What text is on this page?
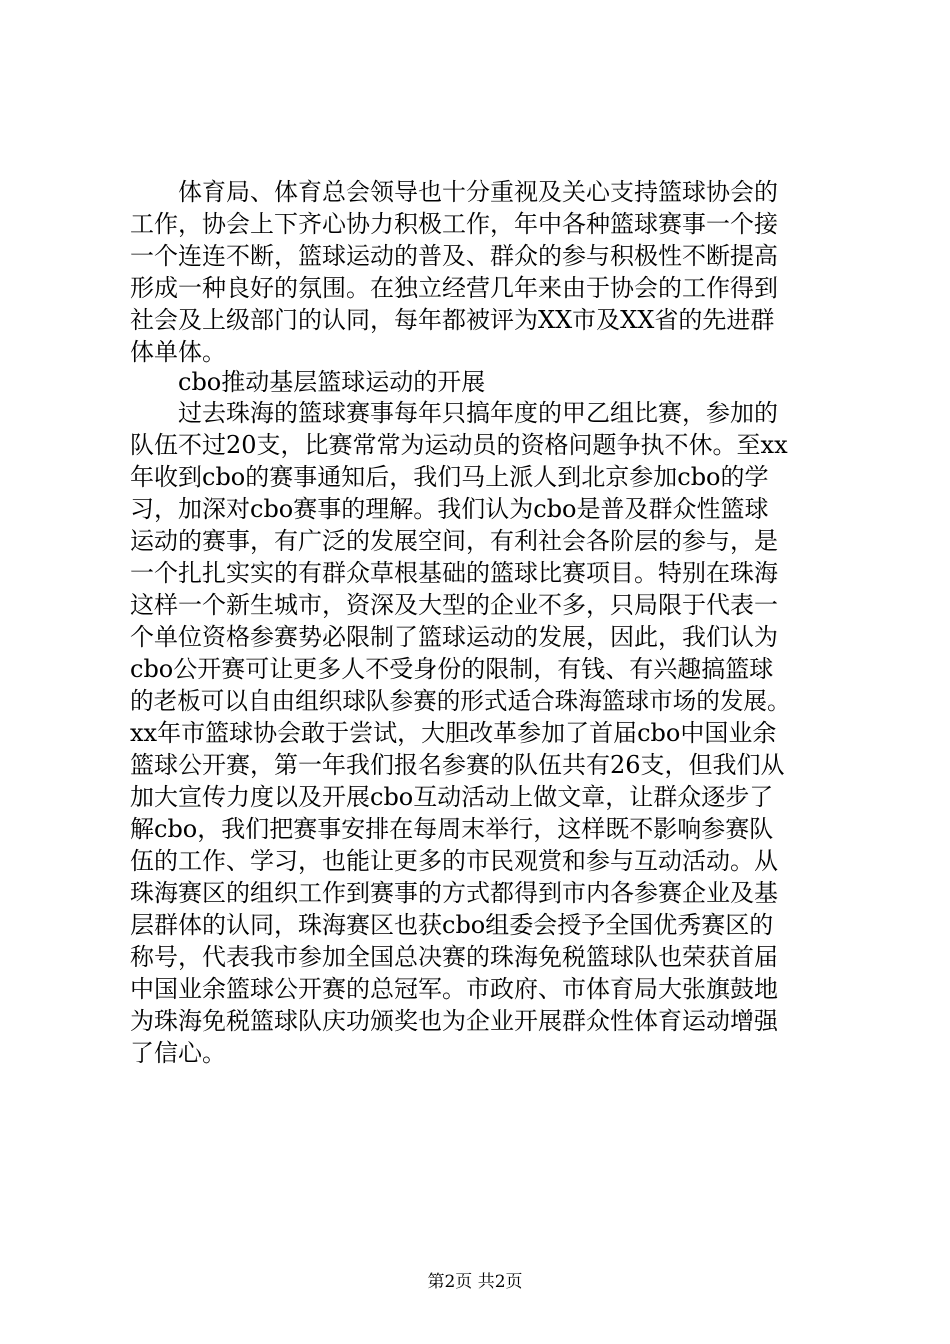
体育局、体育总会领导也十分重视及关心支持篮球协会的
工作，协会上下齐心协力积极工作，年中各种篮球赛事一个接
一个连连不断，篮球运动的普及、群众的参与积极性不断提高
形成一种良好的氛围。在独立经营几年来由于协会的工作得到
社会及上级部门的认同，每年都被评为XX市及XX省的先进群
体单体。
cbo推动基层篮球运动的开展
过去珠海的篮球赛事每年只搞年度的甲乙组比赛，参加的
队伍不过20支，比赛常常为运动员的资格问题争执不休。至xx
年收到cbo的赛事通知后，我们马上派人到北京参加cbo的学
习，加深对cbo赛事的理解。我们认为cbo是普及群众性篮球
运动的赛事，有广泛的发展空间，有利社会各阶层的参与，是
一个扎扎实实的有群众草根基础的篮球比赛项目。特别在珠海
这样一个新生城市，资深及大型的企业不多，只局限于代表一
个单位资格参赛势必限制了篮球运动的发展，因此，我们认为
cbo公开赛可让更多人不受身份的限制，有钱、有兴趣搞篮球
的老板可以自由组织球队参赛的形式适合珠海篮球市场的发展。
xx年市篮球协会敢于尝试，大胆改革参加了首届cbo中国业余
篮球公开赛，第一年我们报名参赛的队伍共有26支，但我们从
加大宣传力度以及开展cbo互动活动上做文章，让群众逐步了
解cbo，我们把赛事安排在每周末举行，这样既不影响参赛队
伍的工作、学习，也能让更多的市民观赏和参与互动活动。从
珠海赛区的组织工作到赛事的方式都得到市内各参赛企业及基
层群体的认同，珠海赛区也获cbo组委会授予全国优秀赛区的
称号，代表我市参加全国总决赛的珠海免税篮球队也荣获首届
中国业余篮球公开赛的总冠军。市政府、市体育局大张旗鼓地
为珠海免税篮球队庆功颁奖也为企业开展群众性体育运动增强
了信心。
第2页 共2页
